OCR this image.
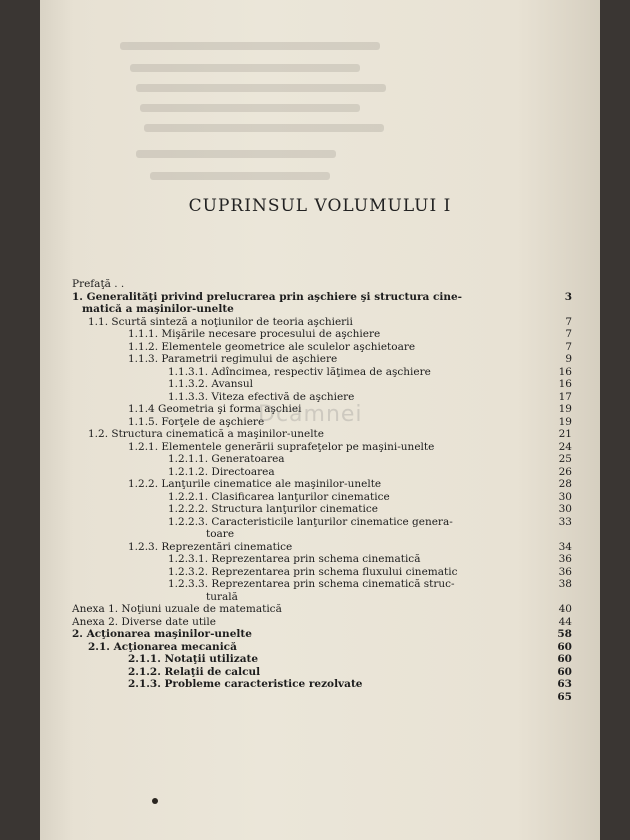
CUPRINSUL VOLUMULUI I
Prefaţă . .
1. Generalităţi privind prelucrarea prin aşchiere şi structura cine-	3
matică a maşinilor-unelte
1.1. Scurtă sinteză a noţiunilor de teoria aşchierii	7
1.1.1. Mişările necesare procesului de aşchiere	7
1.1.2. Elementele geometrice ale sculelor aşchietoare	7
1.1.3. Parametrii regimului de aşchiere	9
1.1.3.1. Adîncimea, respectiv lăţimea de aşchiere	16
1.1.3.2. Avansul	16
1.1.3.3. Viteza efectivă de aşchiere	17
1.1.4 Geometria şi forma aşchiei	19
1.1.5. Forţele de aşchiere	19
1.2. Structura cinematică a maşinilor-unelte	21
1.2.1. Elementele generării suprafeţelor pe maşini-unelte	24
1.2.1.1. Generatoarea	25
1.2.1.2. Directoarea	26
1.2.2. Lanţurile cinematice ale maşinilor-unelte	28
1.2.2.1. Clasificarea lanţurilor cinematice	30
1.2.2.2. Structura lanţurilor cinematice	30
1.2.2.3. Caracteristicile lanţurilor cinematice genera-	33
toare
1.2.3. Reprezentări cinematice	34
1.2.3.1. Reprezentarea prin schema cinematică	36
1.2.3.2. Reprezentarea prin schema fluxului cinematic	36
1.2.3.3. Reprezentarea prin schema cinematică struc-	38
turală
Anexa 1. Noţiuni uzuale de matematică	40
Anexa 2. Diverse date utile	44
2. Acţionarea maşinilor-unelte	58
2.1. Acţionarea mecanică	60
2.1.1. Notaţii utilizate	60
2.1.2. Relaţii de calcul	60
2.1.3. Probleme caracteristice rezolvate	63
65
Dcamnei
